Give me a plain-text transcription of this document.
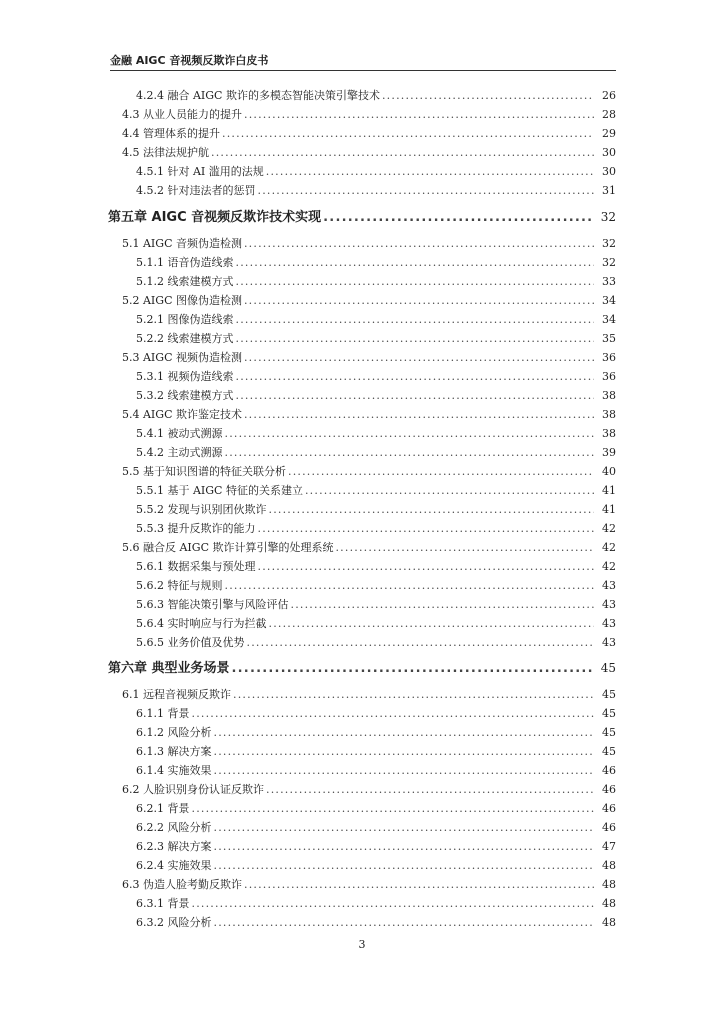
金融 AIGC 音视频反欺诈白皮书
4.2.4 融合 AIGC 欺诈的多模态智能决策引擎技术 .....	26
4.3 从业人员能力的提升 .....	28
4.4 管理体系的提升 .....	29
4.5 法律法规护航 .....	30
4.5.1 针对 AI 滥用的法规 .....	30
4.5.2 针对违法者的惩罚 .....	31
第五章 AIGC 音视频反欺诈技术实现 .....	32
5.1 AIGC 音频伪造检测 .....	32
5.1.1 语音伪造线索 .....	32
5.1.2 线索建模方式 .....	33
5.2 AIGC 图像伪造检测 .....	34
5.2.1 图像伪造线索 .....	34
5.2.2 线索建模方式 .....	35
5.3 AIGC 视频伪造检测 .....	36
5.3.1 视频伪造线索 .....	36
5.3.2 线索建模方式 .....	38
5.4 AIGC 欺诈鉴定技术 .....	38
5.4.1 被动式溯源 .....	38
5.4.2 主动式溯源 .....	39
5.5 基于知识图谱的特征关联分析 .....	40
5.5.1 基于 AIGC 特征的关系建立 .....	41
5.5.2 发现与识别团伙欺诈 .....	41
5.5.3 提升反欺诈的能力 .....	42
5.6 融合反 AIGC 欺诈计算引擎的处理系统 .....	42
5.6.1 数据采集与预处理 .....	42
5.6.2 特征与规则 .....	43
5.6.3 智能决策引擎与风险评估 .....	43
5.6.4 实时响应与行为拦截 .....	43
5.6.5 业务价值及优势 .....	43
第六章 典型业务场景 .....	45
6.1 远程音视频反欺诈 .....	45
6.1.1 背景 .....	45
6.1.2 风险分析 .....	45
6.1.3 解决方案 .....	45
6.1.4 实施效果 .....	46
6.2 人脸识别身份认证反欺诈 .....	46
6.2.1 背景 .....	46
6.2.2 风险分析 .....	46
6.2.3 解决方案 .....	47
6.2.4 实施效果 .....	48
6.3 伪造人脸考勤反欺诈 .....	48
6.3.1 背景 .....	48
6.3.2 风险分析 .....	48
3
